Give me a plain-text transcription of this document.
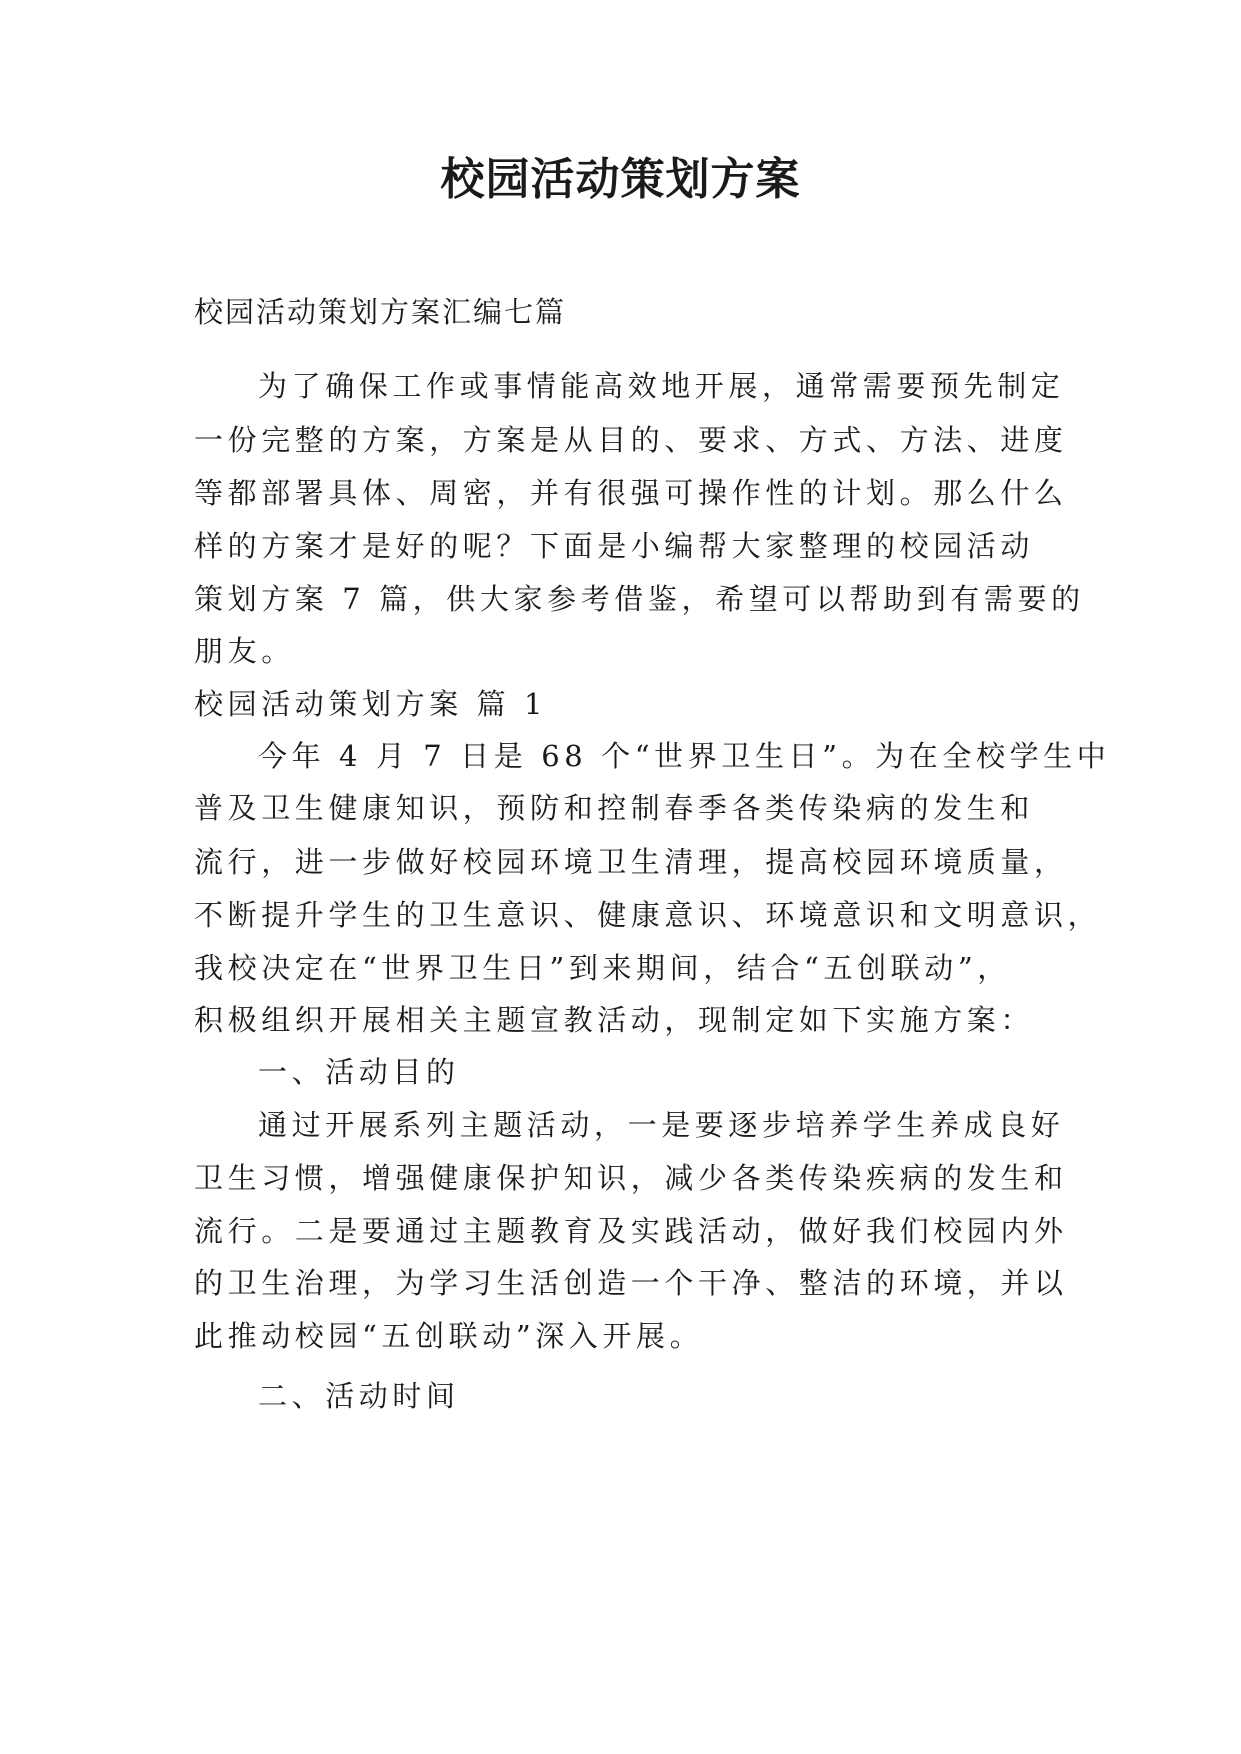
校园活动策划方案
校园活动策划方案汇编七篇
为了确保工作或事情能高效地开展，通常需要预先制定
一份完整的方案，方案是从目的、要求、方式、方法、进度
等都部署具体、周密，并有很强可操作性的计划。那么什么
样的方案才是好的呢？下面是小编帮大家整理的校园活动
策划方案 7 篇，供大家参考借鉴，希望可以帮助到有需要的
朋友。
校园活动策划方案 篇 1
今年 4 月 7 日是 68 个“世界卫生日”。为在全校学生中
普及卫生健康知识，预防和控制春季各类传染病的发生和
流行，进一步做好校园环境卫生清理，提高校园环境质量，
不断提升学生的卫生意识、健康意识、环境意识和文明意识，
我校决定在“世界卫生日”到来期间，结合“五创联动”，
积极组织开展相关主题宣教活动，现制定如下实施方案：
一、活动目的
通过开展系列主题活动，一是要逐步培养学生养成良好
卫生习惯，增强健康保护知识，减少各类传染疾病的发生和
流行。二是要通过主题教育及实践活动，做好我们校园内外
的卫生治理，为学习生活创造一个干净、整洁的环境，并以
此推动校园“五创联动”深入开展。
二、活动时间
